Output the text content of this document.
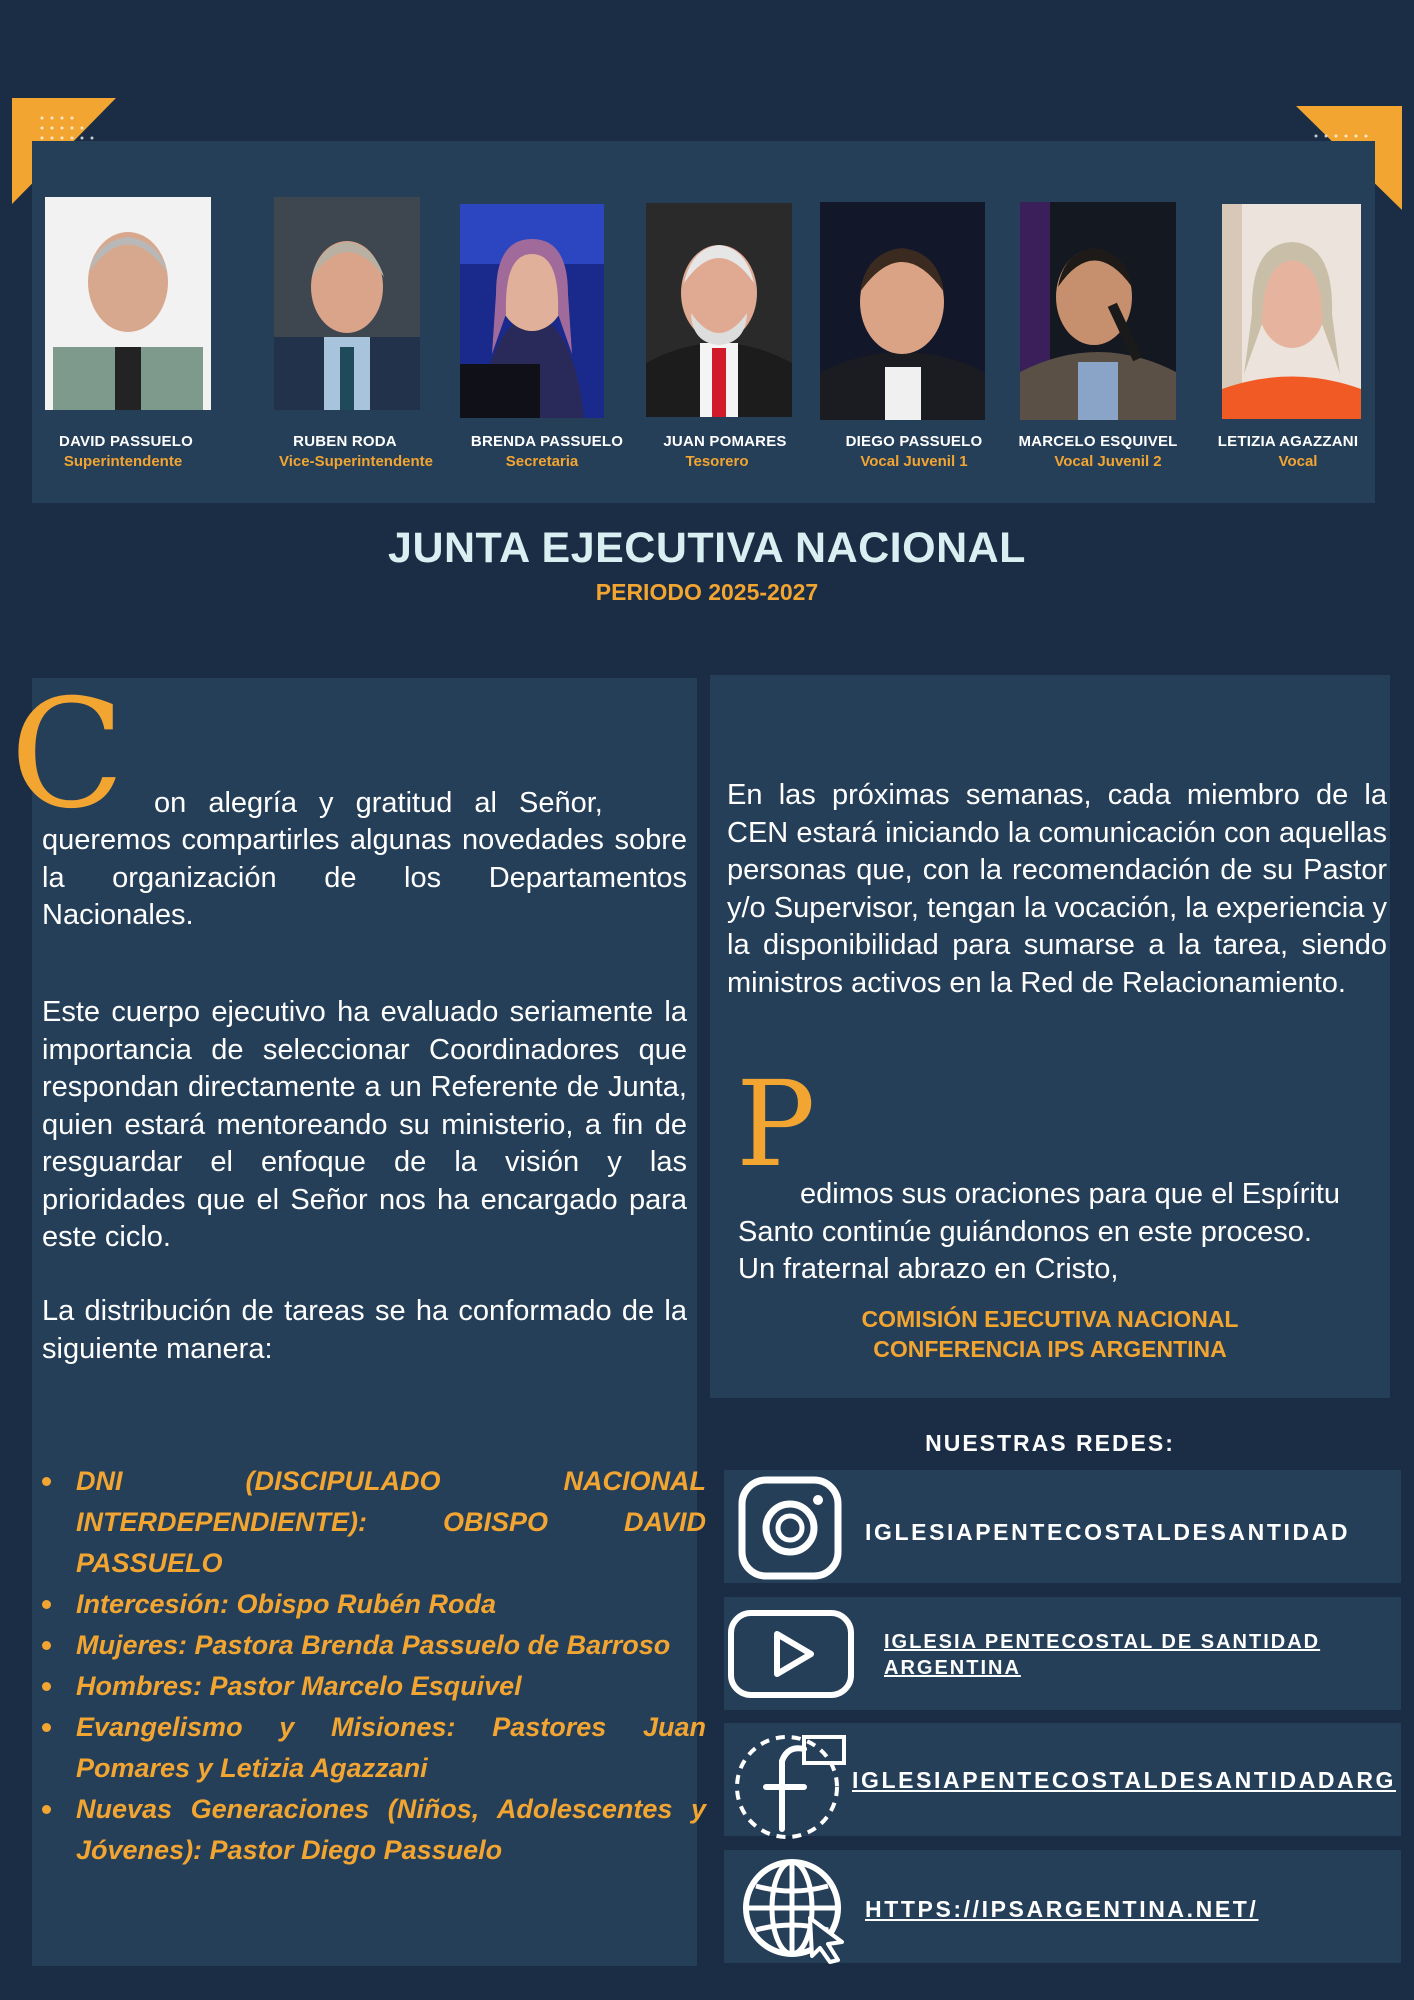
DAVID PASSUELO
Superintendente
RUBEN RODA
Vice-Superintendente
BRENDA PASSUELO
Secretaria
JUAN POMARES
Tesorero
DIEGO PASSUELO
Vocal Juvenil 1
MARCELO ESQUIVEL
Vocal Juvenil 2
LETIZIA AGAZZANI
Vocal
JUNTA EJECUTIVA NACIONAL
PERIODO 2025-2027
C on alegría y gratitud al Señor,
queremos compartirles algunas novedades sobre la organización de los Departamentos Nacionales.
Este cuerpo ejecutivo ha evaluado seriamente la importancia de seleccionar Coordinadores que respondan directamente a un Referente de Junta, quien estará mentoreando su ministerio, a fin de resguardar el enfoque de la visión y las prioridades que el Señor nos ha encargado para este ciclo.
La distribución de tareas se ha conformado de la siguiente manera:
DNI (DISCIPULADO NACIONAL INTERDEPENDIENTE): OBISPO DAVID PASSUELO
Intercesión: Obispo Rubén Roda
Mujeres: Pastora Brenda Passuelo de Barroso
Hombres: Pastor Marcelo Esquivel
Evangelismo y Misiones: Pastores Juan Pomares y Letizia Agazzani
Nuevas Generaciones (Niños, Adolescentes y Jóvenes): Pastor Diego Passuelo
En las próximas semanas, cada miembro de la CEN estará iniciando la comunicación con aquellas personas que, con la recomendación de su Pastor y/o Supervisor, tengan la vocación, la experiencia y la disponibilidad para sumarse a la tarea, siendo ministros activos en la Red de Relacionamiento.
P
edimos sus oraciones para que el Espíritu
Santo continúe guiándonos en este proceso.
Un fraternal abrazo en Cristo,
COMISIÓN EJECUTIVA NACIONAL
CONFERENCIA IPS ARGENTINA
NUESTRAS REDES:
IGLESIAPENTECOSTALDESANTIDAD
IGLESIA PENTECOSTAL DE SANTIDAD
ARGENTINA
IGLESIAPENTECOSTALDESANTIDADARG
HTTPS://IPSARGENTINA.NET/
